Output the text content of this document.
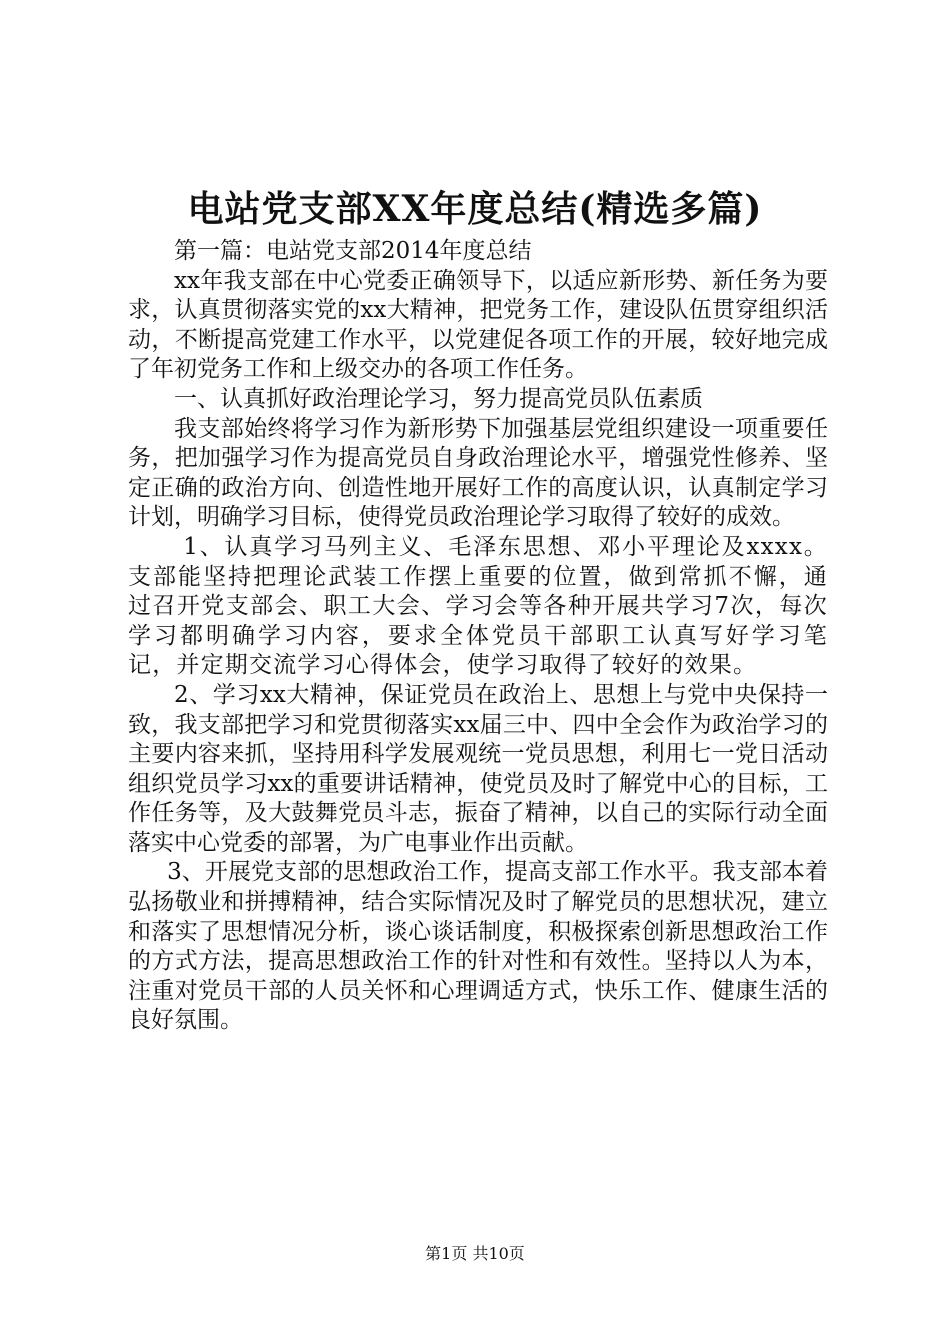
电站党支部XX年度总结(精选多篇)

第一篇：电站党支部2014年度总结

xx年我支部在中心党委正确领导下，以适应新形势、新任务为要求，认真贯彻落实党的xx大精神，把党务工作，建设队伍贯穿组织活动，不断提高党建工作水平，以党建促各项工作的开展，较好地完成了年初党务工作和上级交办的各项工作任务。

一、认真抓好政治理论学习，努力提高党员队伍素质

我支部始终将学习作为新形势下加强基层党组织建设一项重要任务，把加强学习作为提高党员自身政治理论水平，增强党性修养、坚定正确的政治方向、创造性地开展好工作的高度认识，认真制定学习计划，明确学习目标，使得党员政治理论学习取得了较好的成效。

1、认真学习马列主义、毛泽东思想、邓小平理论及xxxx。支部能坚持把理论武装工作摆上重要的位置，做到常抓不懈，通过召开党支部会、职工大会、学习会等各种开展共学习7次，每次学习都明确学习内容，要求全体党员干部职工认真写好学习笔记，并定期交流学习心得体会，使学习取得了较好的效果。

2、学习xx大精神，保证党员在政治上、思想上与党中央保持一致，我支部把学习和党贯彻落实xx届三中、四中全会作为政治学习的主要内容来抓，坚持用科学发展观统一党员思想，利用七一党日活动组织党员学习xx的重要讲话精神，使党员及时了解党中心的目标，工作任务等，及大鼓舞党员斗志，振奋了精神，以自己的实际行动全面落实中心党委的部署，为广电事业作出贡献。

3、开展党支部的思想政治工作，提高支部工作水平。我支部本着弘扬敬业和拼搏精神，结合实际情况及时了解党员的思想状况，建立和落实了思想情况分析，谈心谈话制度，积极探索创新思想政治工作的方式方法，提高思想政治工作的针对性和有效性。坚持以人为本，注重对党员干部的人员关怀和心理调适方式，快乐工作、健康生活的良好氛围。

第1页 共10页
